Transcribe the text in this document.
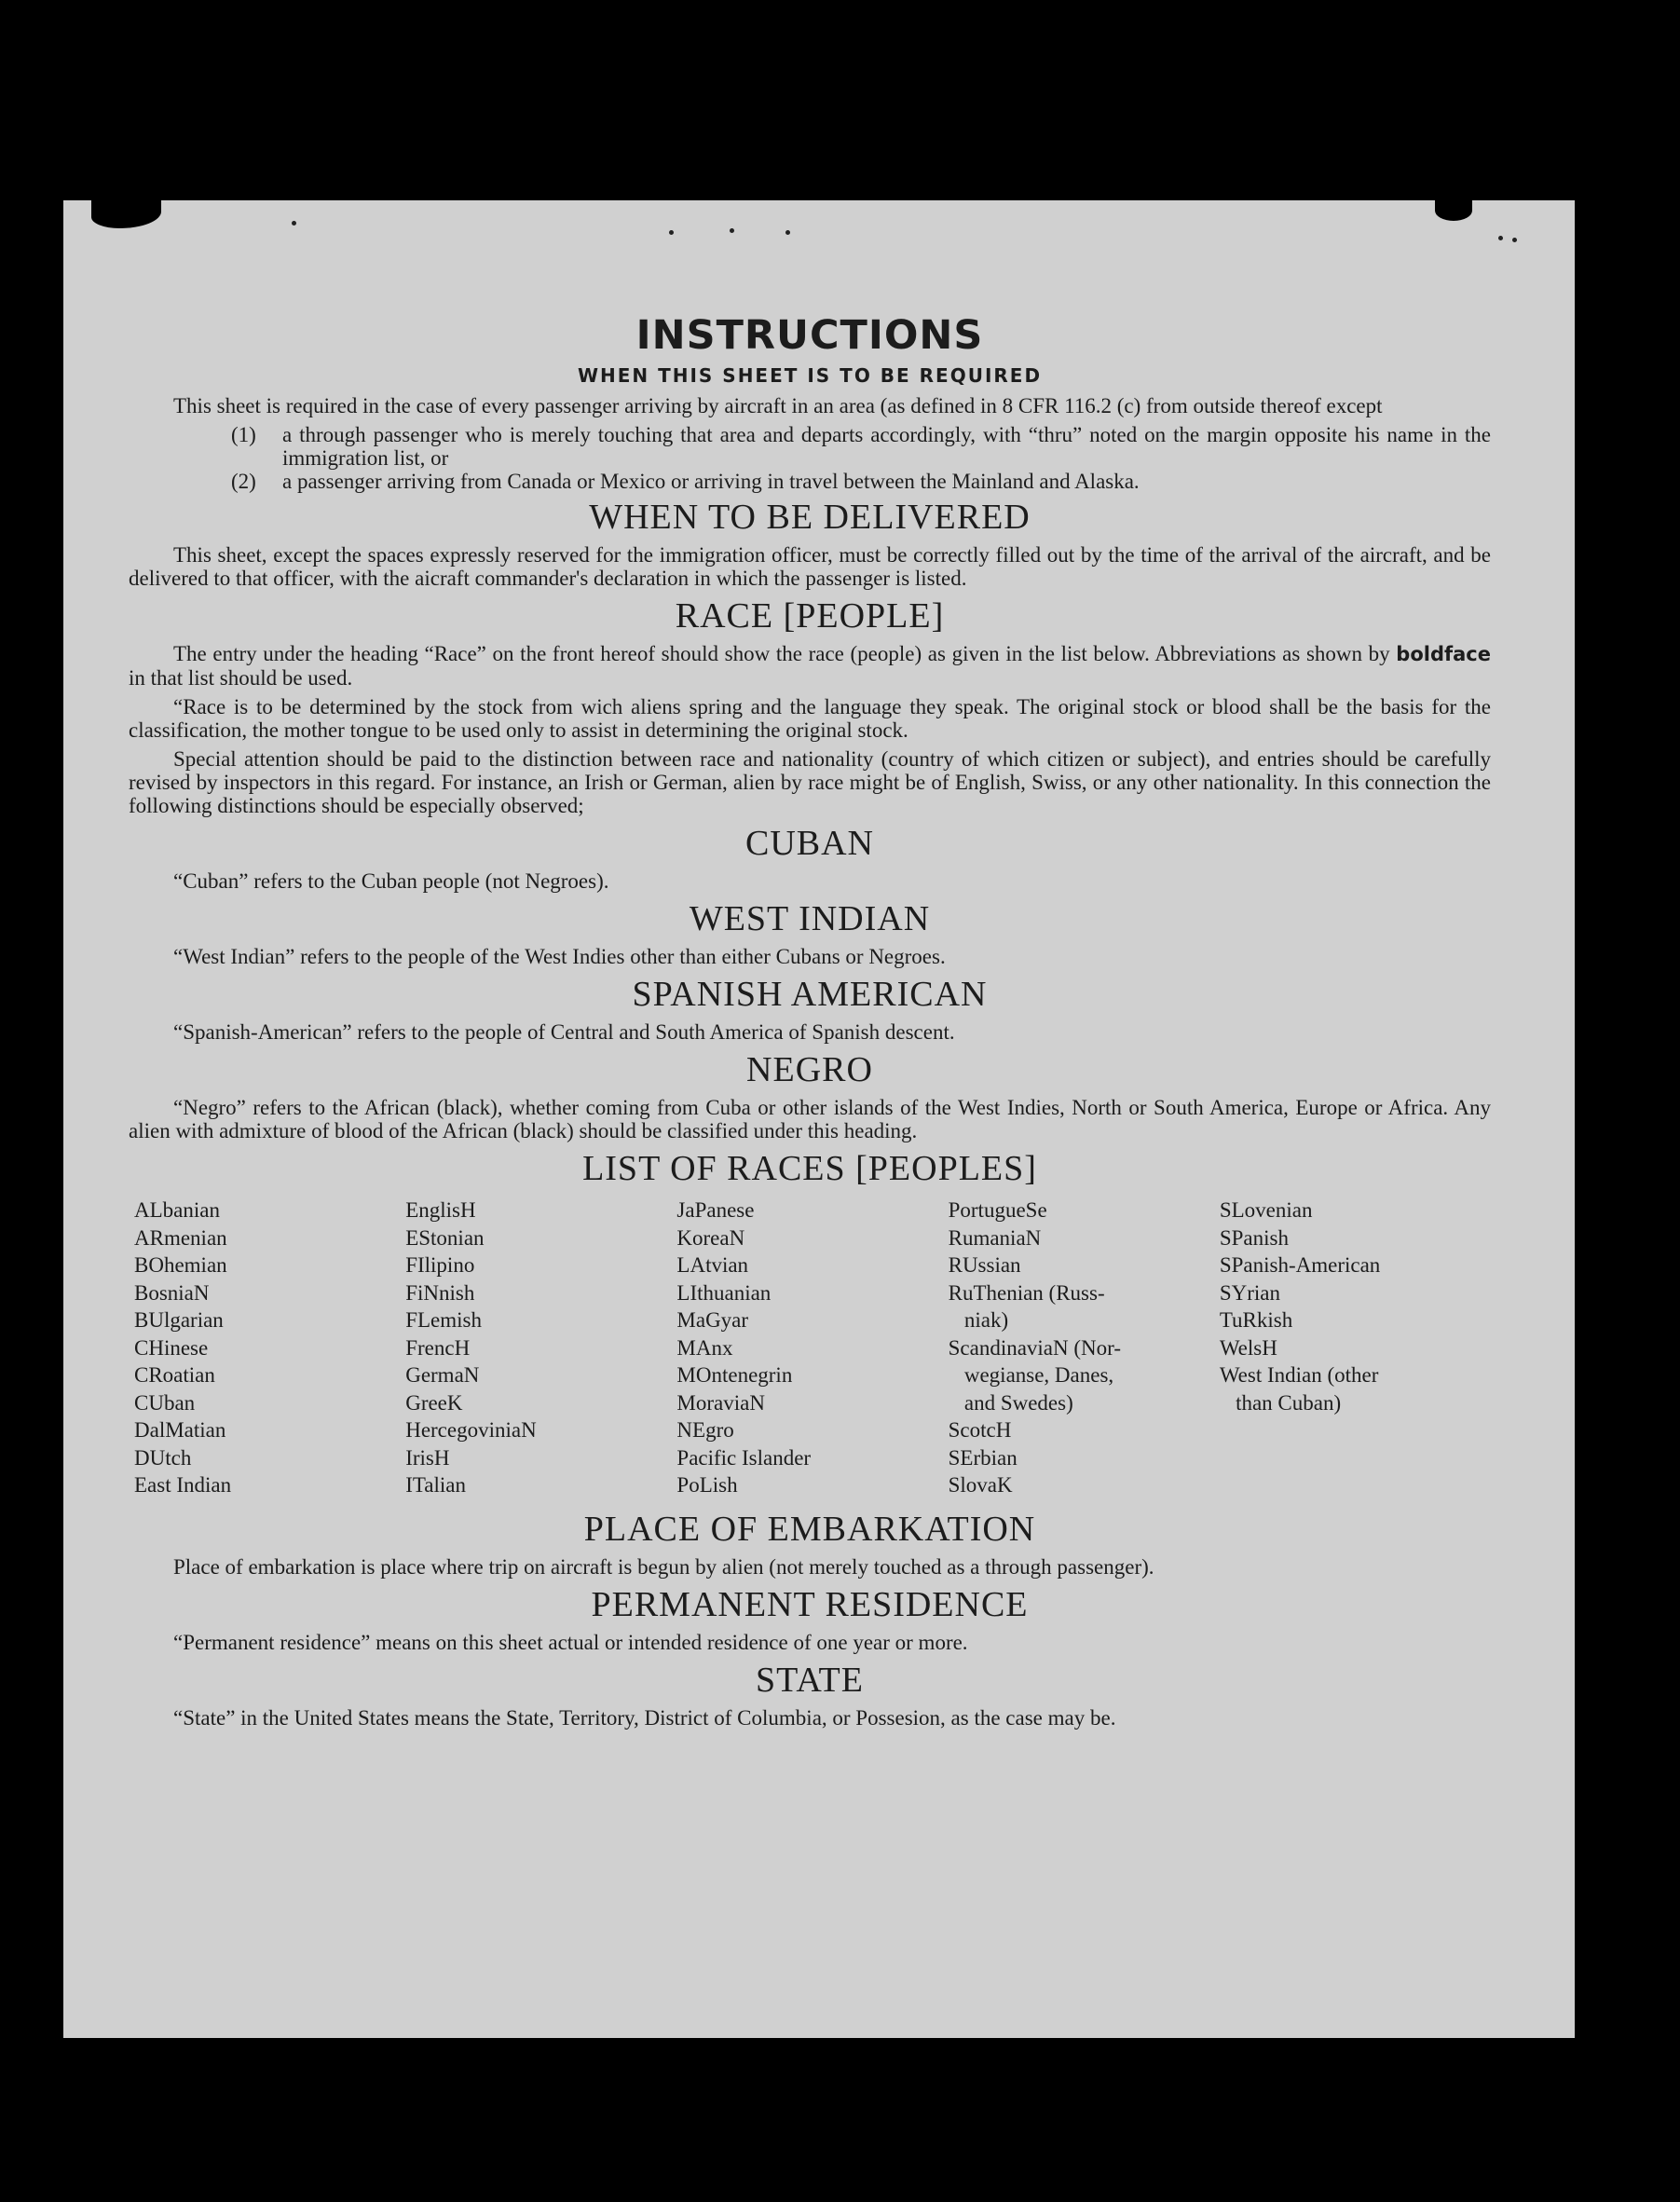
INSTRUCTIONS
WHEN THIS SHEET IS TO BE REQUIRED

This sheet is required in the case of every passenger arriving by aircraft in an area (as defined in 8 CFR 116.2 (c) from outside thereof except

(1)	a through passenger who is merely touching that area and departs accordingly, with “thru” noted on the margin opposite his name in the immigration list, or
(2)	a passenger arriving from Canada or Mexico or arriving in travel between the Mainland and Alaska.
WHEN TO BE DELIVERED

This sheet, except the spaces expressly reserved for the immigration officer, must be correctly filled out by the time of the arrival of the aircraft, and be delivered to that officer, with the aicraft commander's declaration in which the passenger is listed.

RACE [PEOPLE]

The entry under the heading “Race” on the front hereof should show the race (people) as given in the list below. Abbreviations as shown by boldface in that list should be used.

“Race is to be determined by the stock from wich aliens spring and the language they speak. The original stock or blood shall be the basis for the classification, the mother tongue to be used only to assist in determining the original stock.

Special attention should be paid to the distinction between race and nationality (country of which citizen or subject), and entries should be carefully revised by inspectors in this regard. For instance, an Irish or German, alien by race might be of English, Swiss, or any other nationality. In this connection the following distinctions should be especially observed;

CUBAN

“Cuban” refers to the Cuban people (not Negroes).

WEST INDIAN

“West Indian” refers to the people of the West Indies other than either Cubans or Negroes.

SPANISH AMERICAN

“Spanish-American” refers to the people of Central and South America of Spanish descent.

NEGRO

“Negro” refers to the African (black), whether coming from Cuba or other islands of the West Indies, North or South America, Europe or Africa. Any alien with admixture of blood of the African (black) should be classified under this heading.

LIST OF RACES [PEOPLES]
ALbanian
ARmenian
BOhemian
BosniaN
BUlgarian
CHinese
CRoatian
CUban
DalMatian
DUtch
East Indian
EnglisH
EStonian
FIlipino
FiNnish
FLemish
FrencH
GermaN
GreeK
HercegoviniaN
IrisH
ITalian
JaPanese
KoreaN
LAtvian
LIthuanian
MaGyar
MAnx
MOntenegrin
MoraviaN
NEgro
Pacific Islander
PoLish
PortugueSe
RumaniaN
RUssian
RuThenian (Russ-
niak)
ScandinaviaN (Nor-
wegianse, Danes,
and Swedes)
ScotcH
SErbian
SlovaK
SLovenian
SPanish
SPanish-American
SYrian
TuRkish
WelsH
West Indian (other
than Cuban)
PLACE OF EMBARKATION

Place of embarkation is place where trip on aircraft is begun by alien (not merely touched as a through passenger).

PERMANENT RESIDENCE

“Permanent residence” means on this sheet actual or intended residence of one year or more.

STATE

“State” in the United States means the State, Territory, District of Columbia, or Possesion, as the case may be.
